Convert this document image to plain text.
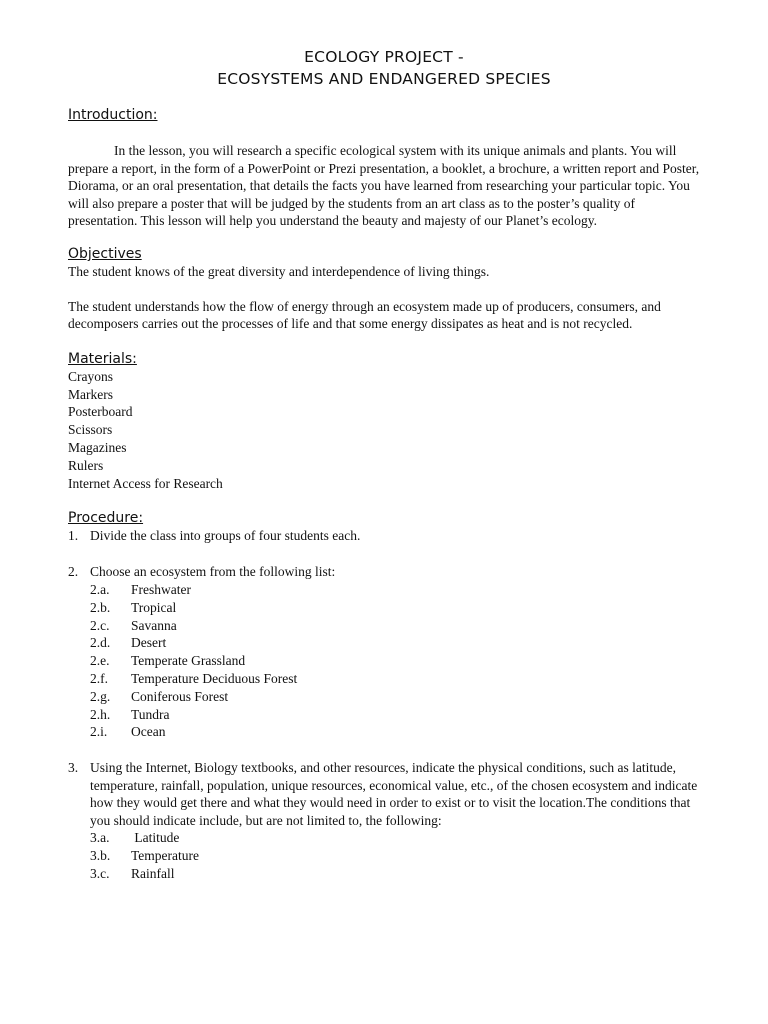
ECOLOGY PROJECT -
ECOSYSTEMS AND ENDANGERED SPECIES
Introduction:

In the lesson, you will research a specific ecological system with its unique animals and plants. You will prepare a report, in the form of a PowerPoint or Prezi presentation, a booklet, a brochure, a written report and Poster, Diorama, or an oral presentation, that details the facts you have learned from researching your particular topic. You will also prepare a poster that will be judged by the students from an art class as to the poster’s quality of presentation. This lesson will help you understand the beauty and majesty of our Planet’s ecology.

Objectives

The student knows of the great diversity and interdependence of living things.

The student understands how the flow of energy through an ecosystem made up of producers, consumers, and decomposers carries out the processes of life and that some energy dissipates as heat and is not recycled.

Materials:
Crayons
Markers
Posterboard
Scissors
Magazines
Rulers
Internet Access for Research
Procedure:
1. Divide the class into groups of four students each.
2. Choose an ecosystem from the following list:
2.a.	Freshwater
2.b.	Tropical
2.c.	Savanna
2.d.	Desert
2.e.	Temperate Grassland
2.f.	Temperature Deciduous Forest
2.g.	Coniferous Forest
2.h.	Tundra
2.i.	Ocean
3. Using the Internet, Biology textbooks, and other resources, indicate the physical conditions, such as latitude, temperature, rainfall, population, unique resources, economical value, etc., of the chosen ecosystem and indicate how they would get there and what they would need in order to exist or to visit the location.The conditions that you should indicate include, but are not limited to, the following:
3.a.	Latitude
3.b.	Temperature
3.c.	Rainfall
